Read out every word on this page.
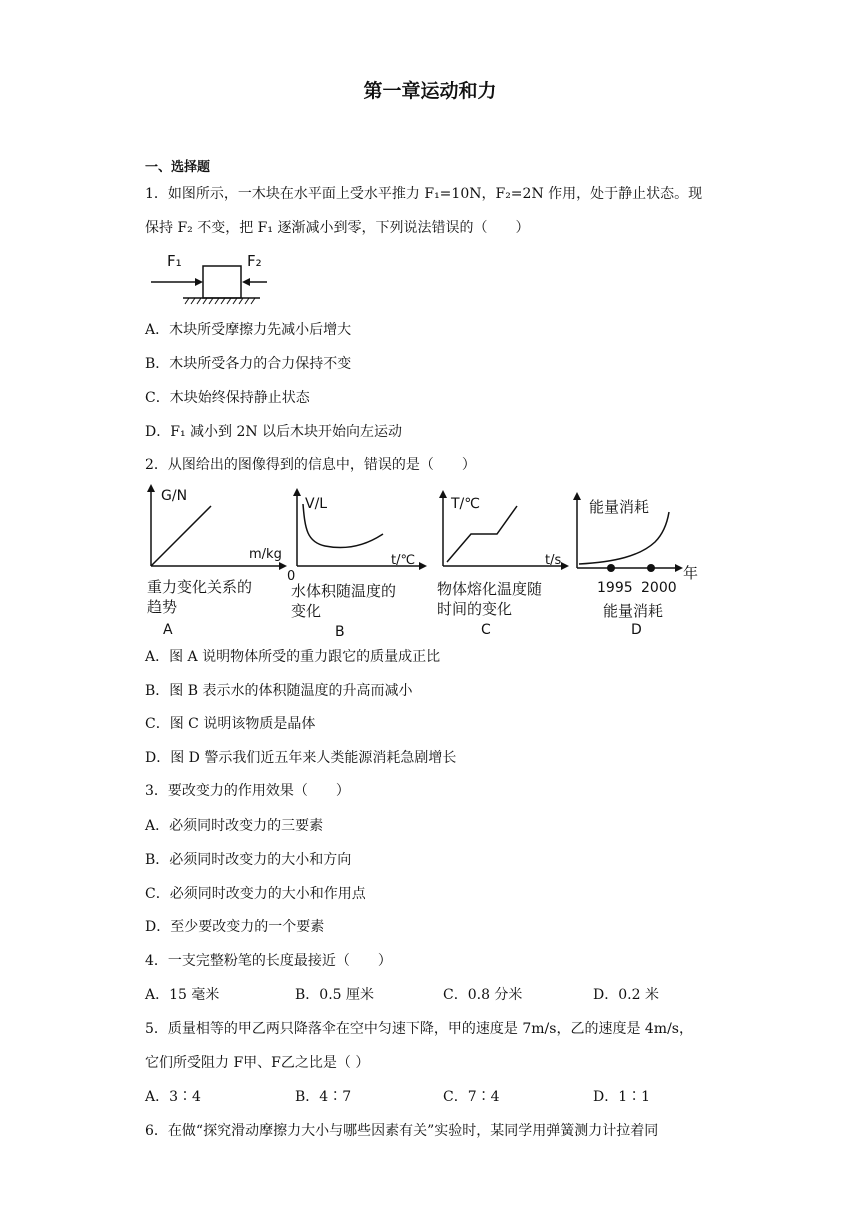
第一章运动和力
一、选择题
1．如图所示，一木块在水平面上受水平推力 F₁=10N，F₂=2N 作用，处于静止状态。现
保持 F₂ 不变，把 F₁ 逐渐减小到零，下列说法错误的（　　）
F₁	F₂
A．木块所受摩擦力先减小后增大
B．木块所受各力的合力保持不变
C．木块始终保持静止状态
D．F₁ 减小到 2N 以后木块开始向左运动
2．从图给出的图像得到的信息中，错误的是（　　）
G/N
m/kg
重力变化关系的
趋势
A
V/L
t/℃
0
水体积随温度的
变化
B
T/℃
t/s
物体熔化温度随
时间的变化
C
能量消耗
年
1995 2000
能量消耗
D
A．图 A 说明物体所受的重力跟它的质量成正比
B．图 B 表示水的体积随温度的升高而减小
C．图 C 说明该物质是晶体
D．图 D 警示我们近五年来人类能源消耗急剧增长
3．要改变力的作用效果（　　）
A．必须同时改变力的三要素
B．必须同时改变力的大小和方向
C．必须同时改变力的大小和作用点
D．至少要改变力的一个要素
4．一支完整粉笔的长度最接近（　　）
A．15 毫米	B．0.5 厘米	C．0.8 分米	D．0.2 米
5．质量相等的甲乙两只降落伞在空中匀速下降，甲的速度是 7m/s，乙的速度是 4m/s，
它们所受阻力 F甲、F乙之比是（ ）
A．3∶4	B．4∶7	C．7∶4	D．1∶1
6．在做“探究滑动摩擦力大小与哪些因素有关”实验时，某同学用弹簧测力计拉着同
